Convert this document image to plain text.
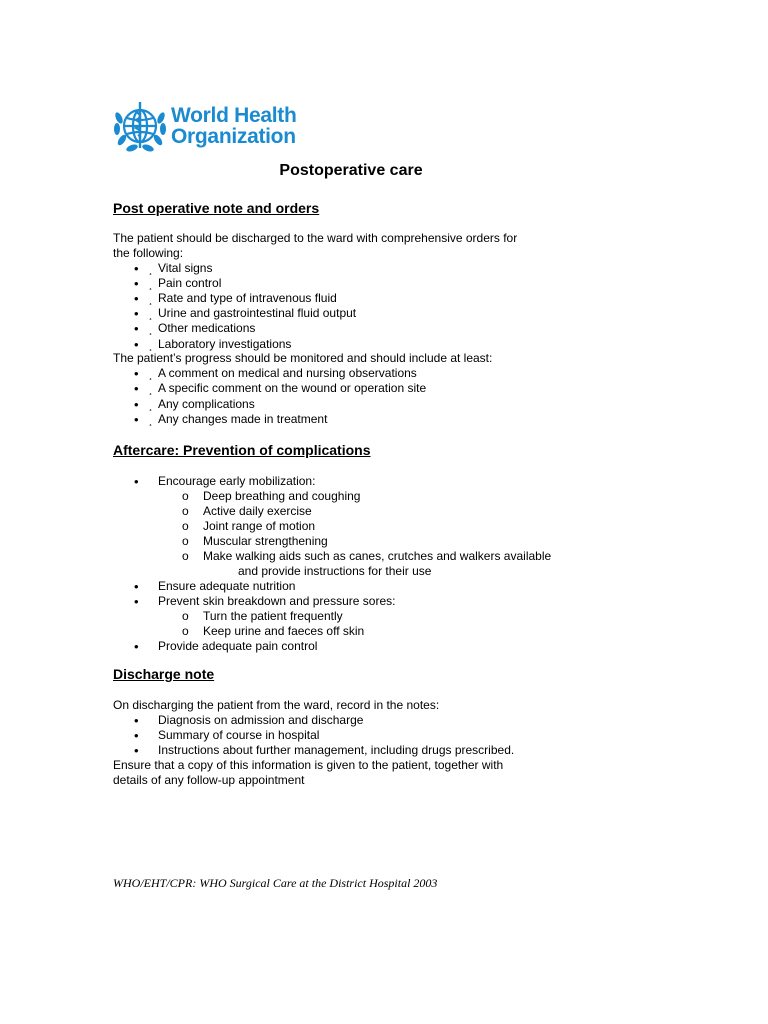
World Health
Organization
Postoperative care
Post operative note and orders
The patient should be discharged to the ward with comprehensive orders for
the following:
• ¸ Vital signs
• ¸ Pain control
• ¸ Rate and type of intravenous fluid
• ¸ Urine and gastrointestinal fluid output
• ¸ Other medications
• ¸ Laboratory investigations
The patient’s progress should be monitored and should include at least:
• ¸ A comment on medical and nursing observations
• ¸ A specific comment on the wound or operation site
• ¸ Any complications
• ¸ Any changes made in treatment
Aftercare: Prevention of complications
• Encourage early mobilization:
o Deep breathing and coughing
o Active daily exercise
o Joint range of motion
o Muscular strengthening
o Make walking aids such as canes, crutches and walkers available
and provide instructions for their use
• Ensure adequate nutrition
• Prevent skin breakdown and pressure sores:
o Turn the patient frequently
o Keep urine and faeces off skin
• Provide adequate pain control
Discharge note
On discharging the patient from the ward, record in the notes:
• Diagnosis on admission and discharge
• Summary of course in hospital
• Instructions about further management, including drugs prescribed.
Ensure that a copy of this information is given to the patient, together with
details of any follow-up appointment
WHO/EHT/CPR: WHO Surgical Care at the District Hospital 2003
